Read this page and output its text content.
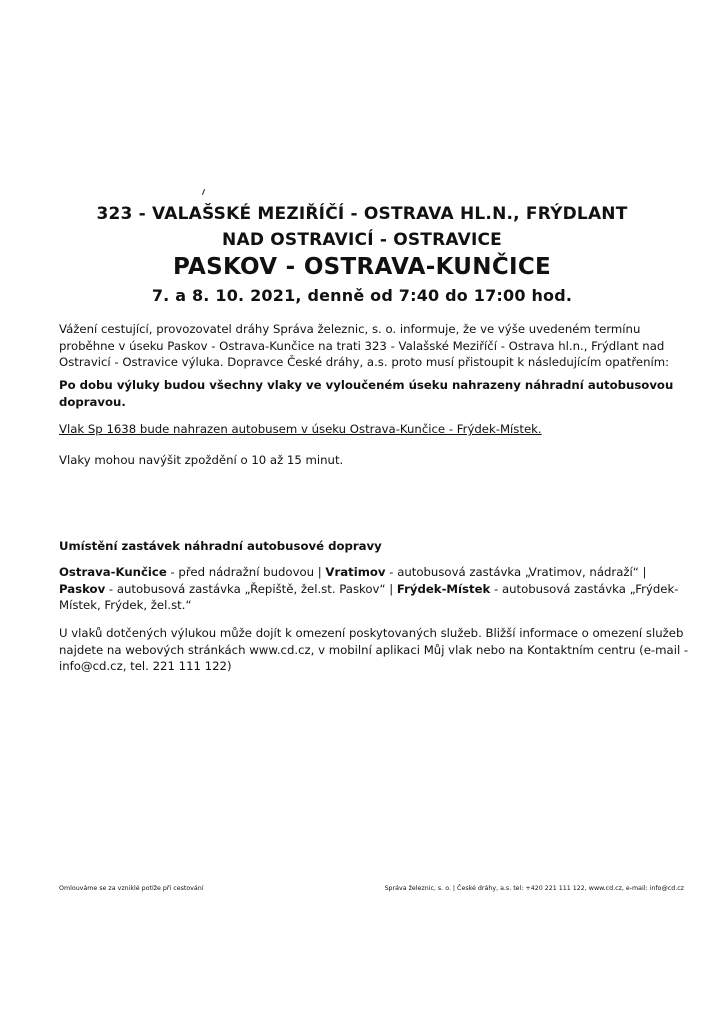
323 - VALAŠSKÉ MEZIŘÍČÍ - OSTRAVA HL.N., FRÝDLANT
NAD OSTRAVICÍ - OSTRAVICE
PASKOV - OSTRAVA-KUNČICE
7. a 8. 10. 2021, denně od 7:40 do 17:00 hod.

Vážení cestující, provozovatel dráhy Správa železnic, s. o. informuje, že ve výše uvedeném termínu proběhne v úseku Paskov - Ostrava-Kunčice na trati 323 - Valašské Meziříčí - Ostrava hl.n., Frýdlant nad Ostravicí - Ostravice výluka. Dopravce České dráhy, a.s. proto musí přistoupit k následujícím opatřením:

Po dobu výluky budou všechny vlaky ve vyloučeném úseku nahrazeny náhradní autobusovou dopravou.

Vlak Sp 1638 bude nahrazen autobusem v úseku Ostrava-Kunčice - Frýdek-Místek.

Vlaky mohou navýšit zpoždění o 10 až 15 minut.

Umístění zastávek náhradní autobusové dopravy

Ostrava-Kunčice - před nádražní budovou | Vratimov - autobusová zastávka „Vratimov, nádraží“ | Paskov - autobusová zastávka „Řepiště, žel.st. Paskov“ | Frýdek-Místek - autobusová zastávka „Frýdek-Místek, Frýdek, žel.st.“

U vlaků dotčených výlukou může dojít k omezení poskytovaných služeb. Bližší informace o omezení služeb najdete na webových stránkách www.cd.cz, v mobilní aplikaci Můj vlak nebo na Kontaktním centru (e-mail - info@cd.cz, tel. 221 111 122)

Omlouváme se za vzniklé potíže při cestování	Správa železnic, s. o. | České dráhy, a.s. tel: +420 221 111 122, www.cd.cz, e-mail: info@cd.cz
